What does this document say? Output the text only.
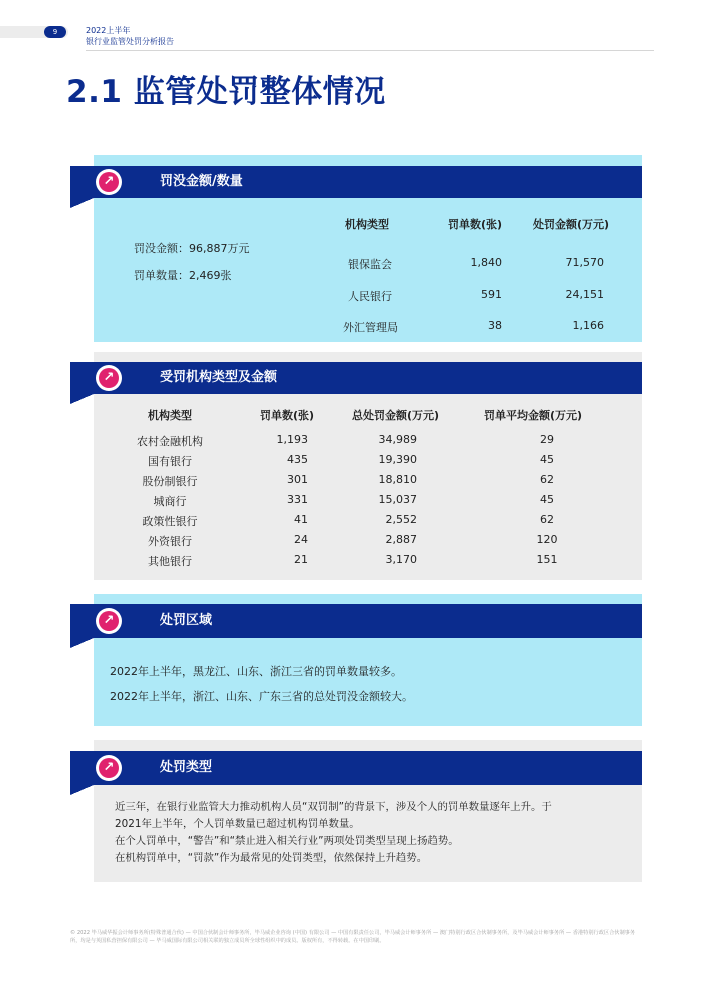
9	2022上半年
银行业监管处罚分析报告
2.1 监管处罚整体情况
↗	罚没金额/数量
罚没金额：96,887万元
罚单数量：2,469张
机构类型	罚单数(张)	处罚金额(万元)
银保监会	1,840	71,570
人民银行	591	24,151
外汇管理局	38	1,166
↗	受罚机构类型及金额
机构类型	罚单数(张)	总处罚金额(万元)	罚单平均金额(万元)
农村金融机构	1,193	34,989	29
国有银行	435	19,390	45
股份制银行	301	18,810	62
城商行	331	15,037	45
政策性银行	41	2,552	62
外资银行	24	2,887	120
其他银行	21	3,170	151
↗	处罚区域
2022年上半年，黑龙江、山东、浙江三省的罚单数量较多。
2022年上半年，浙江、山东、广东三省的总处罚没金额较大。
↗	处罚类型
近三年，在银行业监管大力推动机构人员“双罚制”的背景下，涉及个人的罚单数量逐年上升。于
2021年上半年，个人罚单数量已超过机构罚单数量。
在个人罚单中，“警告”和“禁止进入相关行业”两项处罚类型呈现上扬趋势。
在机构罚单中，“罚款”作为最常见的处罚类型，依然保持上升趋势。
© 2022 毕马威华振会计师事务所(特殊普通合伙) — 中国合伙制会计师事务所，毕马威企业咨询 (中国) 有限公司 — 中国有限责任公司，毕马威会计师事务所 — 澳门特别行政区合伙制事务所，及毕马威会计师事务所 — 香港特别行政区合伙制事务所，均是与英国私营担保有限公司 — 毕马威国际有限公司相关联的独立成员所全球性组织中的成员。版权所有，不得转载。在中国印刷。
